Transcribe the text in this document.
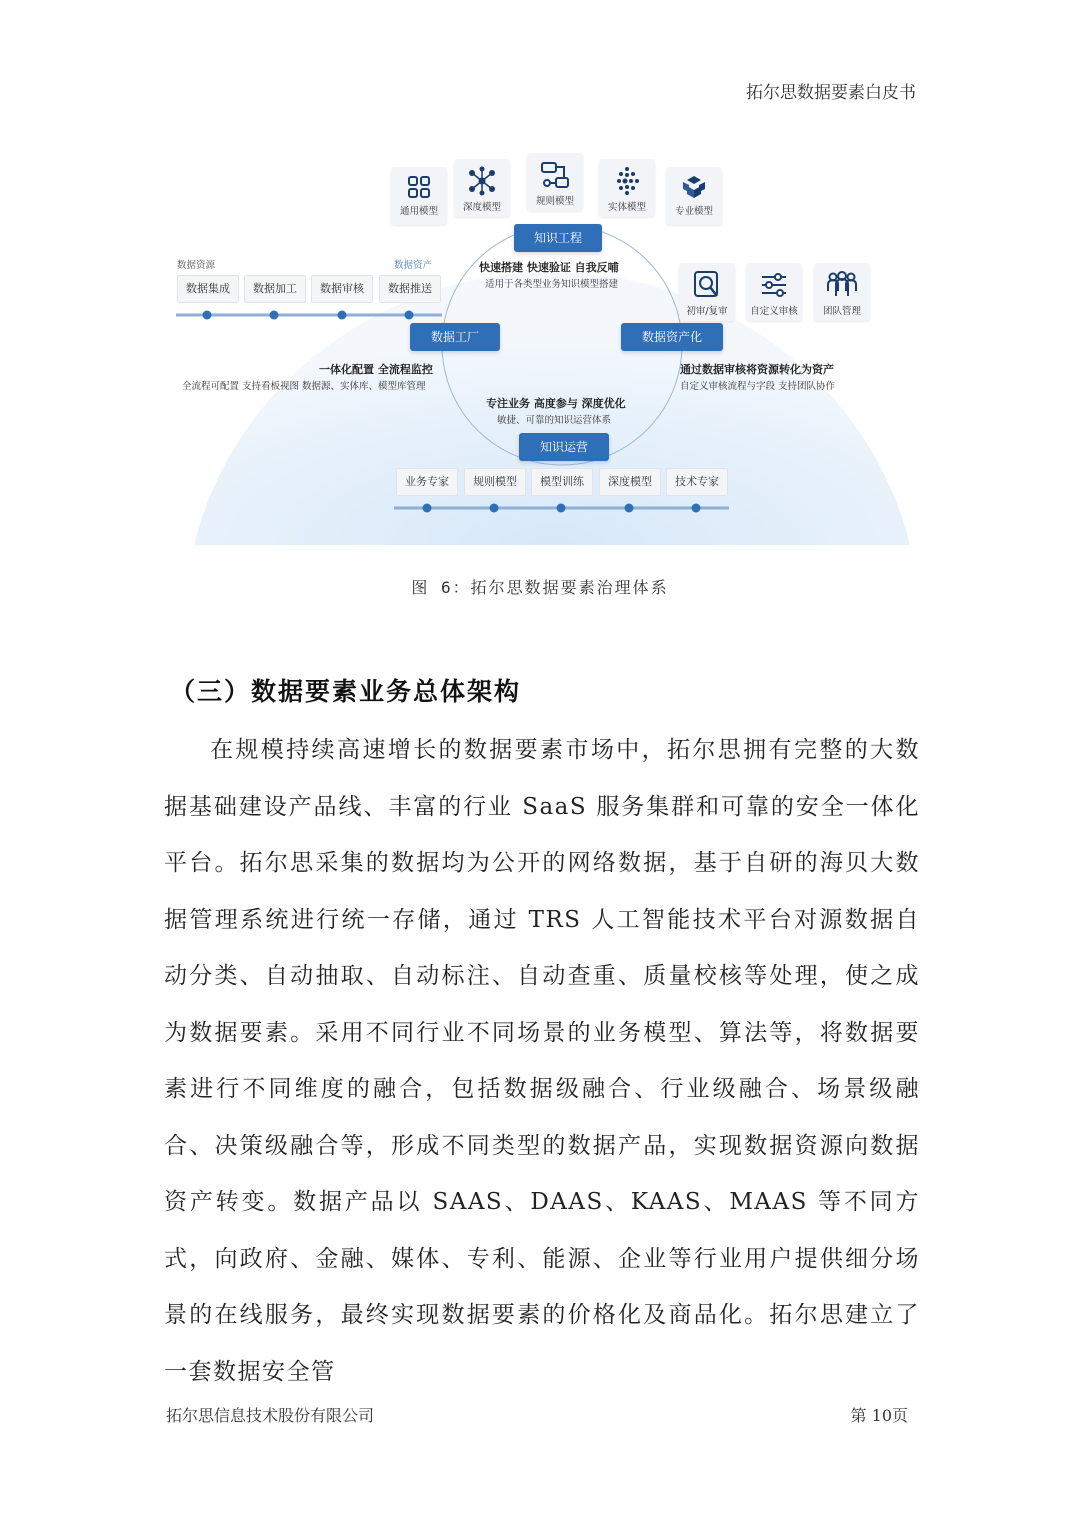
拓尔思数据要素白皮书
通用模型	深度模型
规则模型
实体模型	专业模型
初审/复审	自定义审核	团队管理
知识工程
快速搭建 快速验证 自我反哺
适用于各类型业务知识模型搭建
数据资源	数据资产
数据集成	数据加工	数据审核	数据推送
数据工厂
一体化配置 全流程监控
全流程可配置 支持看板视图 数据源、实体库、模型库管理
数据资产化
通过数据审核将资源转化为资产
自定义审核流程与字段 支持团队协作
专注业务 高度参与 深度优化
敏捷、可靠的知识运营体系
知识运营
业务专家	规则模型	模型训练	深度模型	技术专家
图 6：拓尔思数据要素治理体系
（三）数据要素业务总体架构
在规模持续高速增长的数据要素市场中，拓尔思拥有完整的大数据基础建设产品线、丰富的行业 SaaS 服务集群和可靠的安全一体化平台。拓尔思采集的数据均为公开的网络数据，基于自研的海贝大数据管理系统进行统一存储，通过 TRS 人工智能技术平台对源数据自动分类、自动抽取、自动标注、自动查重、质量校核等处理，使之成为数据要素。采用不同行业不同场景的业务模型、算法等，将数据要素进行不同维度的融合，包括数据级融合、行业级融合、场景级融合、决策级融合等，形成不同类型的数据产品，实现数据资源向数据资产转变。数据产品以 SAAS、DAAS、KAAS、MAAS 等不同方式，向政府、金融、媒体、专利、能源、企业等行业用户提供细分场景的在线服务，最终实现数据要素的价格化及商品化。拓尔思建立了一套数据安全管
拓尔思信息技术股份有限公司	第 10页
